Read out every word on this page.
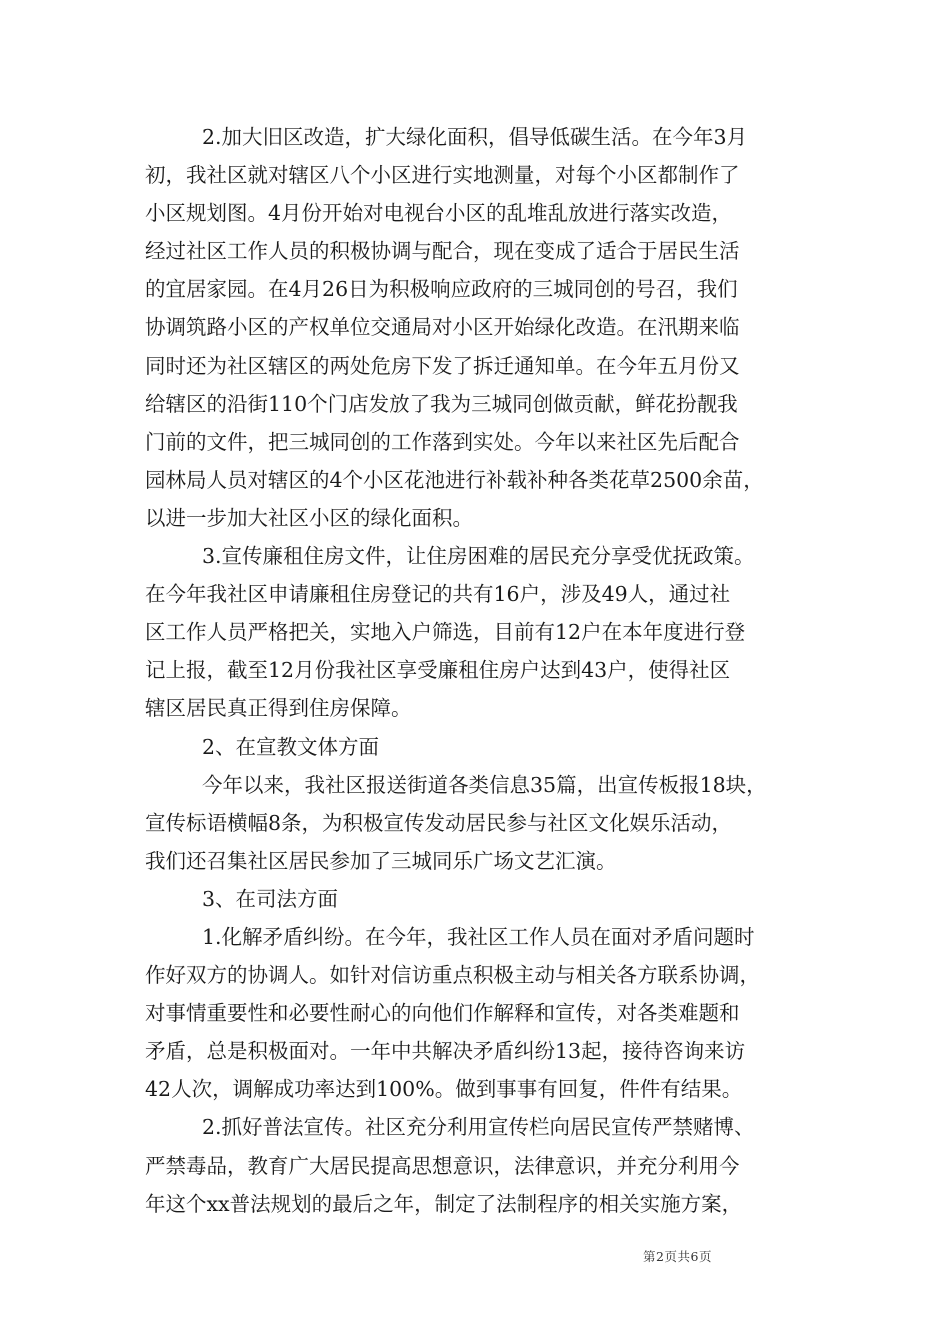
2.加大旧区改造，扩大绿化面积，倡导低碳生活。在今年3月
初，我社区就对辖区八个小区进行实地测量，对每个小区都制作了
小区规划图。4月份开始对电视台小区的乱堆乱放进行落实改造，
经过社区工作人员的积极协调与配合，现在变成了适合于居民生活
的宜居家园。在4月26日为积极响应政府的三城同创的号召，我们
协调筑路小区的产权单位交通局对小区开始绿化改造。在汛期来临
同时还为社区辖区的两处危房下发了拆迁通知单。在今年五月份又
给辖区的沿街110个门店发放了我为三城同创做贡献，鲜花扮靓我
门前的文件，把三城同创的工作落到实处。今年以来社区先后配合
园林局人员对辖区的4个小区花池进行补载补种各类花草2500余苗，
以进一步加大社区小区的绿化面积。
3.宣传廉租住房文件，让住房困难的居民充分享受优抚政策。
在今年我社区申请廉租住房登记的共有16户，涉及49人，通过社
区工作人员严格把关，实地入户筛选，目前有12户在本年度进行登
记上报，截至12月份我社区享受廉租住房户达到43户，使得社区
辖区居民真正得到住房保障。
2、在宣教文体方面
今年以来，我社区报送街道各类信息35篇，出宣传板报18块，
宣传标语横幅8条，为积极宣传发动居民参与社区文化娱乐活动，
我们还召集社区居民参加了三城同乐广场文艺汇演。
3、在司法方面
1.化解矛盾纠纷。在今年，我社区工作人员在面对矛盾问题时
作好双方的协调人。如针对信访重点积极主动与相关各方联系协调，
对事情重要性和必要性耐心的向他们作解释和宣传，对各类难题和
矛盾，总是积极面对。一年中共解决矛盾纠纷13起，接待咨询来访
42人次，调解成功率达到100%。做到事事有回复，件件有结果。
2.抓好普法宣传。社区充分利用宣传栏向居民宣传严禁赌博、
严禁毒品，教育广大居民提高思想意识，法律意识，并充分利用今
年这个xx普法规划的最后之年，制定了法制程序的相关实施方案，
第2页共6页
